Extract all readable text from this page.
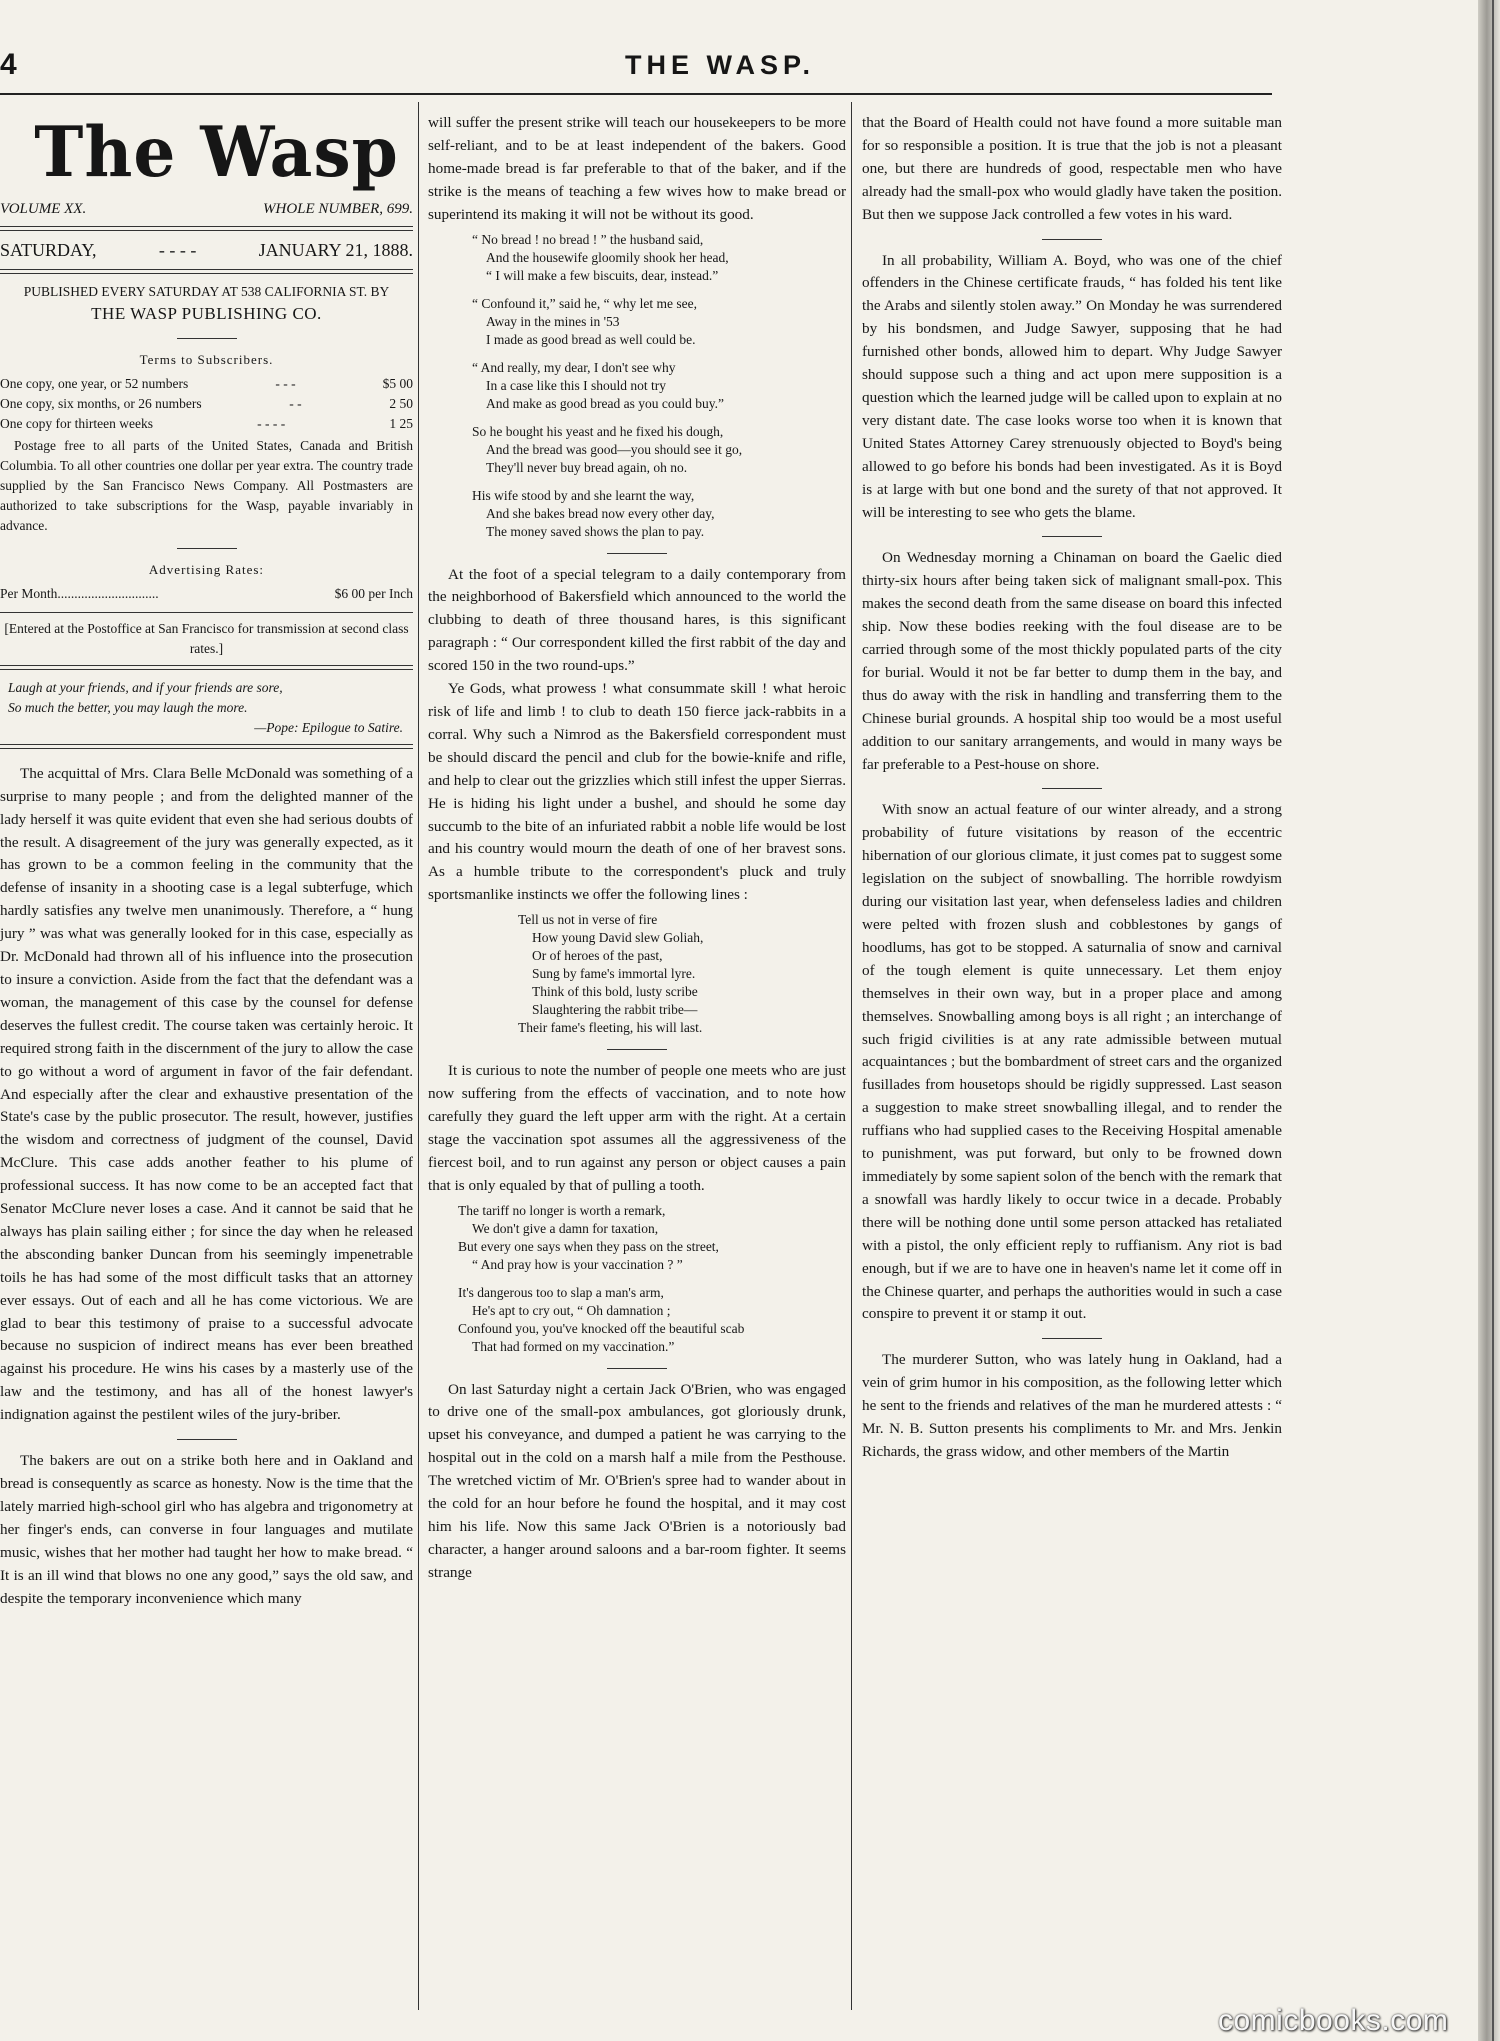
4	THE WASP.
The Wasp
VOLUME XX.	WHOLE NUMBER, 699.
SATURDAY,	- - - -	JANUARY 21, 1888.
PUBLISHED EVERY SATURDAY AT 538 CALIFORNIA ST. BY
THE WASP PUBLISHING CO.
Terms to Subscribers.
One copy, one year, or 52 numbers	- - -	$5 00
One copy, six months, or 26 numbers	- -	2 50
One copy for thirteen weeks	- - - -	1 25
Postage free to all parts of the United States, Canada and British Columbia. To all other countries one dollar per year extra. The country trade supplied by the San Francisco News Company. All Postmasters are authorized to take subscriptions for the Wasp, payable invariably in advance.
Advertising Rates:
Per Month..............................	$6 00 per Inch
[Entered at the Postoffice at San Francisco for transmission at second class rates.]
Laugh at your friends, and if your friends are sore,
So much the better, you may laugh the more.
—Pope: Epilogue to Satire.

The acquittal of Mrs. Clara Belle McDonald was something of a surprise to many people ; and from the delighted manner of the lady herself it was quite evident that even she had serious doubts of the result. A disagreement of the jury was generally expected, as it has grown to be a common feeling in the community that the defense of insanity in a shooting case is a legal subterfuge, which hardly satisfies any twelve men unanimously. Therefore, a “ hung jury ” was what was generally looked for in this case, especially as Dr. McDonald had thrown all of his influence into the prosecution to insure a conviction. Aside from the fact that the defendant was a woman, the management of this case by the counsel for defense deserves the fullest credit. The course taken was certainly heroic. It required strong faith in the discernment of the jury to allow the case to go without a word of argument in favor of the fair defendant. And especially after the clear and exhaustive presentation of the State's case by the public prosecutor. The result, however, justifies the wisdom and correctness of judgment of the counsel, David McClure. This case adds another feather to his plume of professional success. It has now come to be an accepted fact that Senator McClure never loses a case. And it cannot be said that he always has plain sailing either ; for since the day when he released the absconding banker Duncan from his seemingly impenetrable toils he has had some of the most difficult tasks that an attorney ever essays. Out of each and all he has come victorious. We are glad to bear this testimony of praise to a successful advocate because no suspicion of indirect means has ever been breathed against his procedure. He wins his cases by a masterly use of the law and the testimony, and has all of the honest lawyer's indignation against the pestilent wiles of the jury-briber.

The bakers are out on a strike both here and in Oakland and bread is consequently as scarce as honesty. Now is the time that the lately married high-school girl who has algebra and trigonometry at her finger's ends, can converse in four languages and mutilate music, wishes that her mother had taught her how to make bread. “ It is an ill wind that blows no one any good,” says the old saw, and despite the temporary inconvenience which many

will suffer the present strike will teach our housekeepers to be more self-reliant, and to be at least independent of the bakers. Good home-made bread is far preferable to that of the baker, and if the strike is the means of teaching a few wives how to make bread or superintend its making it will not be without its good.

“ No bread ! no bread ! ” the husband said,
And the housewife gloomily shook her head,
“ I will make a few biscuits, dear, instead.”
“ Confound it,” said he, “ why let me see,
Away in the mines in '53
I made as good bread as well could be.
“ And really, my dear, I don't see why
In a case like this I should not try
And make as good bread as you could buy.”
So he bought his yeast and he fixed his dough,
And the bread was good—you should see it go,
They'll never buy bread again, oh no.
His wife stood by and she learnt the way,
And she bakes bread now every other day,
The money saved shows the plan to pay.

At the foot of a special telegram to a daily contemporary from the neighborhood of Bakersfield which announced to the world the clubbing to death of three thousand hares, is this significant paragraph : “ Our correspondent killed the first rabbit of the day and scored 150 in the two round-ups.”

Ye Gods, what prowess ! what consummate skill ! what heroic risk of life and limb ! to club to death 150 fierce jack-rabbits in a corral. Why such a Nimrod as the Bakersfield correspondent must be should discard the pencil and club for the bowie-knife and rifle, and help to clear out the grizzlies which still infest the upper Sierras. He is hiding his light under a bushel, and should he some day succumb to the bite of an infuriated rabbit a noble life would be lost and his country would mourn the death of one of her bravest sons. As a humble tribute to the correspondent's pluck and truly sportsmanlike instincts we offer the following lines :

Tell us not in verse of fire
How young David slew Goliah,
Or of heroes of the past,
Sung by fame's immortal lyre.
Think of this bold, lusty scribe
Slaughtering the rabbit tribe—
Their fame's fleeting, his will last.

It is curious to note the number of people one meets who are just now suffering from the effects of vaccination, and to note how carefully they guard the left upper arm with the right. At a certain stage the vaccination spot assumes all the aggressiveness of the fiercest boil, and to run against any person or object causes a pain that is only equaled by that of pulling a tooth.

The tariff no longer is worth a remark,
We don't give a damn for taxation,
But every one says when they pass on the street,
“ And pray how is your vaccination ? ”
It's dangerous too to slap a man's arm,
He's apt to cry out, “ Oh damnation ;
Confound you, you've knocked off the beautiful scab
That had formed on my vaccination.”

On last Saturday night a certain Jack O'Brien, who was engaged to drive one of the small-pox ambulances, got gloriously drunk, upset his conveyance, and dumped a patient he was carrying to the hospital out in the cold on a marsh half a mile from the Pesthouse. The wretched victim of Mr. O'Brien's spree had to wander about in the cold for an hour before he found the hospital, and it may cost him his life. Now this same Jack O'Brien is a notoriously bad character, a hanger around saloons and a bar-room fighter. It seems strange

that the Board of Health could not have found a more suitable man for so responsible a position. It is true that the job is not a pleasant one, but there are hundreds of good, respectable men who have already had the small-pox who would gladly have taken the position. But then we suppose Jack controlled a few votes in his ward.

In all probability, William A. Boyd, who was one of the chief offenders in the Chinese certificate frauds, “ has folded his tent like the Arabs and silently stolen away.” On Monday he was surrendered by his bondsmen, and Judge Sawyer, supposing that he had furnished other bonds, allowed him to depart. Why Judge Sawyer should suppose such a thing and act upon mere supposition is a question which the learned judge will be called upon to explain at no very distant date. The case looks worse too when it is known that United States Attorney Carey strenuously objected to Boyd's being allowed to go before his bonds had been investigated. As it is Boyd is at large with but one bond and the surety of that not approved. It will be interesting to see who gets the blame.

On Wednesday morning a Chinaman on board the Gaelic died thirty-six hours after being taken sick of malignant small-pox. This makes the second death from the same disease on board this infected ship. Now these bodies reeking with the foul disease are to be carried through some of the most thickly populated parts of the city for burial. Would it not be far better to dump them in the bay, and thus do away with the risk in handling and transferring them to the Chinese burial grounds. A hospital ship too would be a most useful addition to our sanitary arrangements, and would in many ways be far preferable to a Pest-house on shore.

With snow an actual feature of our winter already, and a strong probability of future visitations by reason of the eccentric hibernation of our glorious climate, it just comes pat to suggest some legislation on the subject of snowballing. The horrible rowdyism during our visitation last year, when defenseless ladies and children were pelted with frozen slush and cobblestones by gangs of hoodlums, has got to be stopped. A saturnalia of snow and carnival of the tough element is quite unnecessary. Let them enjoy themselves in their own way, but in a proper place and among themselves. Snowballing among boys is all right ; an interchange of such frigid civilities is at any rate admissible between mutual acquaintances ; but the bombardment of street cars and the organized fusillades from housetops should be rigidly suppressed. Last season a suggestion to make street snowballing illegal, and to render the ruffians who had supplied cases to the Receiving Hospital amenable to punishment, was put forward, but only to be frowned down immediately by some sapient solon of the bench with the remark that a snowfall was hardly likely to occur twice in a decade. Probably there will be nothing done until some person attacked has retaliated with a pistol, the only efficient reply to ruffianism. Any riot is bad enough, but if we are to have one in heaven's name let it come off in the Chinese quarter, and perhaps the authorities would in such a case conspire to prevent it or stamp it out.

The murderer Sutton, who was lately hung in Oakland, had a vein of grim humor in his composition, as the following letter which he sent to the friends and relatives of the man he murdered attests : “ Mr. N. B. Sutton presents his compliments to Mr. and Mrs. Jenkin Richards, the grass widow, and other members of the Martin

comicbooks.com
